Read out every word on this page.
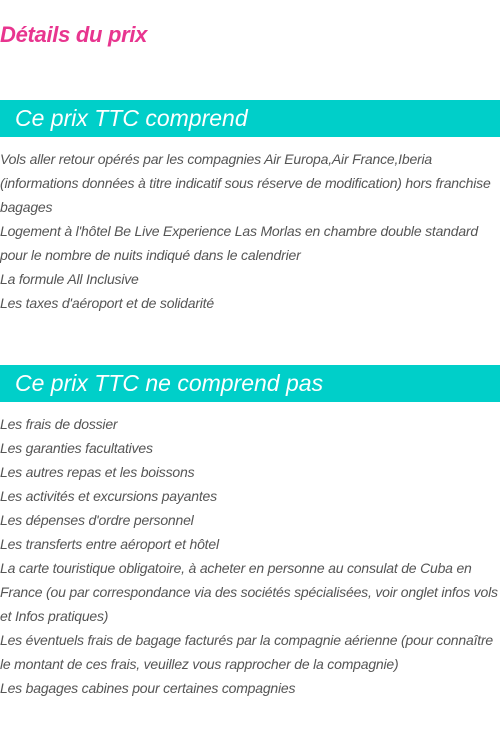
Détails du prix
Ce prix TTC comprend
Vols aller retour opérés par les compagnies Air Europa,Air France,Iberia (informations données à titre indicatif sous réserve de modification) hors franchise bagages
Logement à l'hôtel Be Live Experience Las Morlas en chambre double standard pour le nombre de nuits indiqué dans le calendrier
La formule All Inclusive
Les taxes d'aéroport et de solidarité
Ce prix TTC ne comprend pas
Les frais de dossier
Les garanties facultatives
Les autres repas et les boissons
Les activités et excursions payantes
Les dépenses d'ordre personnel
Les transferts entre aéroport et hôtel
La carte touristique obligatoire, à acheter en personne au consulat de Cuba en France (ou par correspondance via des sociétés spécialisées, voir onglet infos vols et Infos pratiques)
Les éventuels frais de bagage facturés par la compagnie aérienne (pour connaître le montant de ces frais, veuillez vous rapprocher de la compagnie)
Les bagages cabines pour certaines compagnies
